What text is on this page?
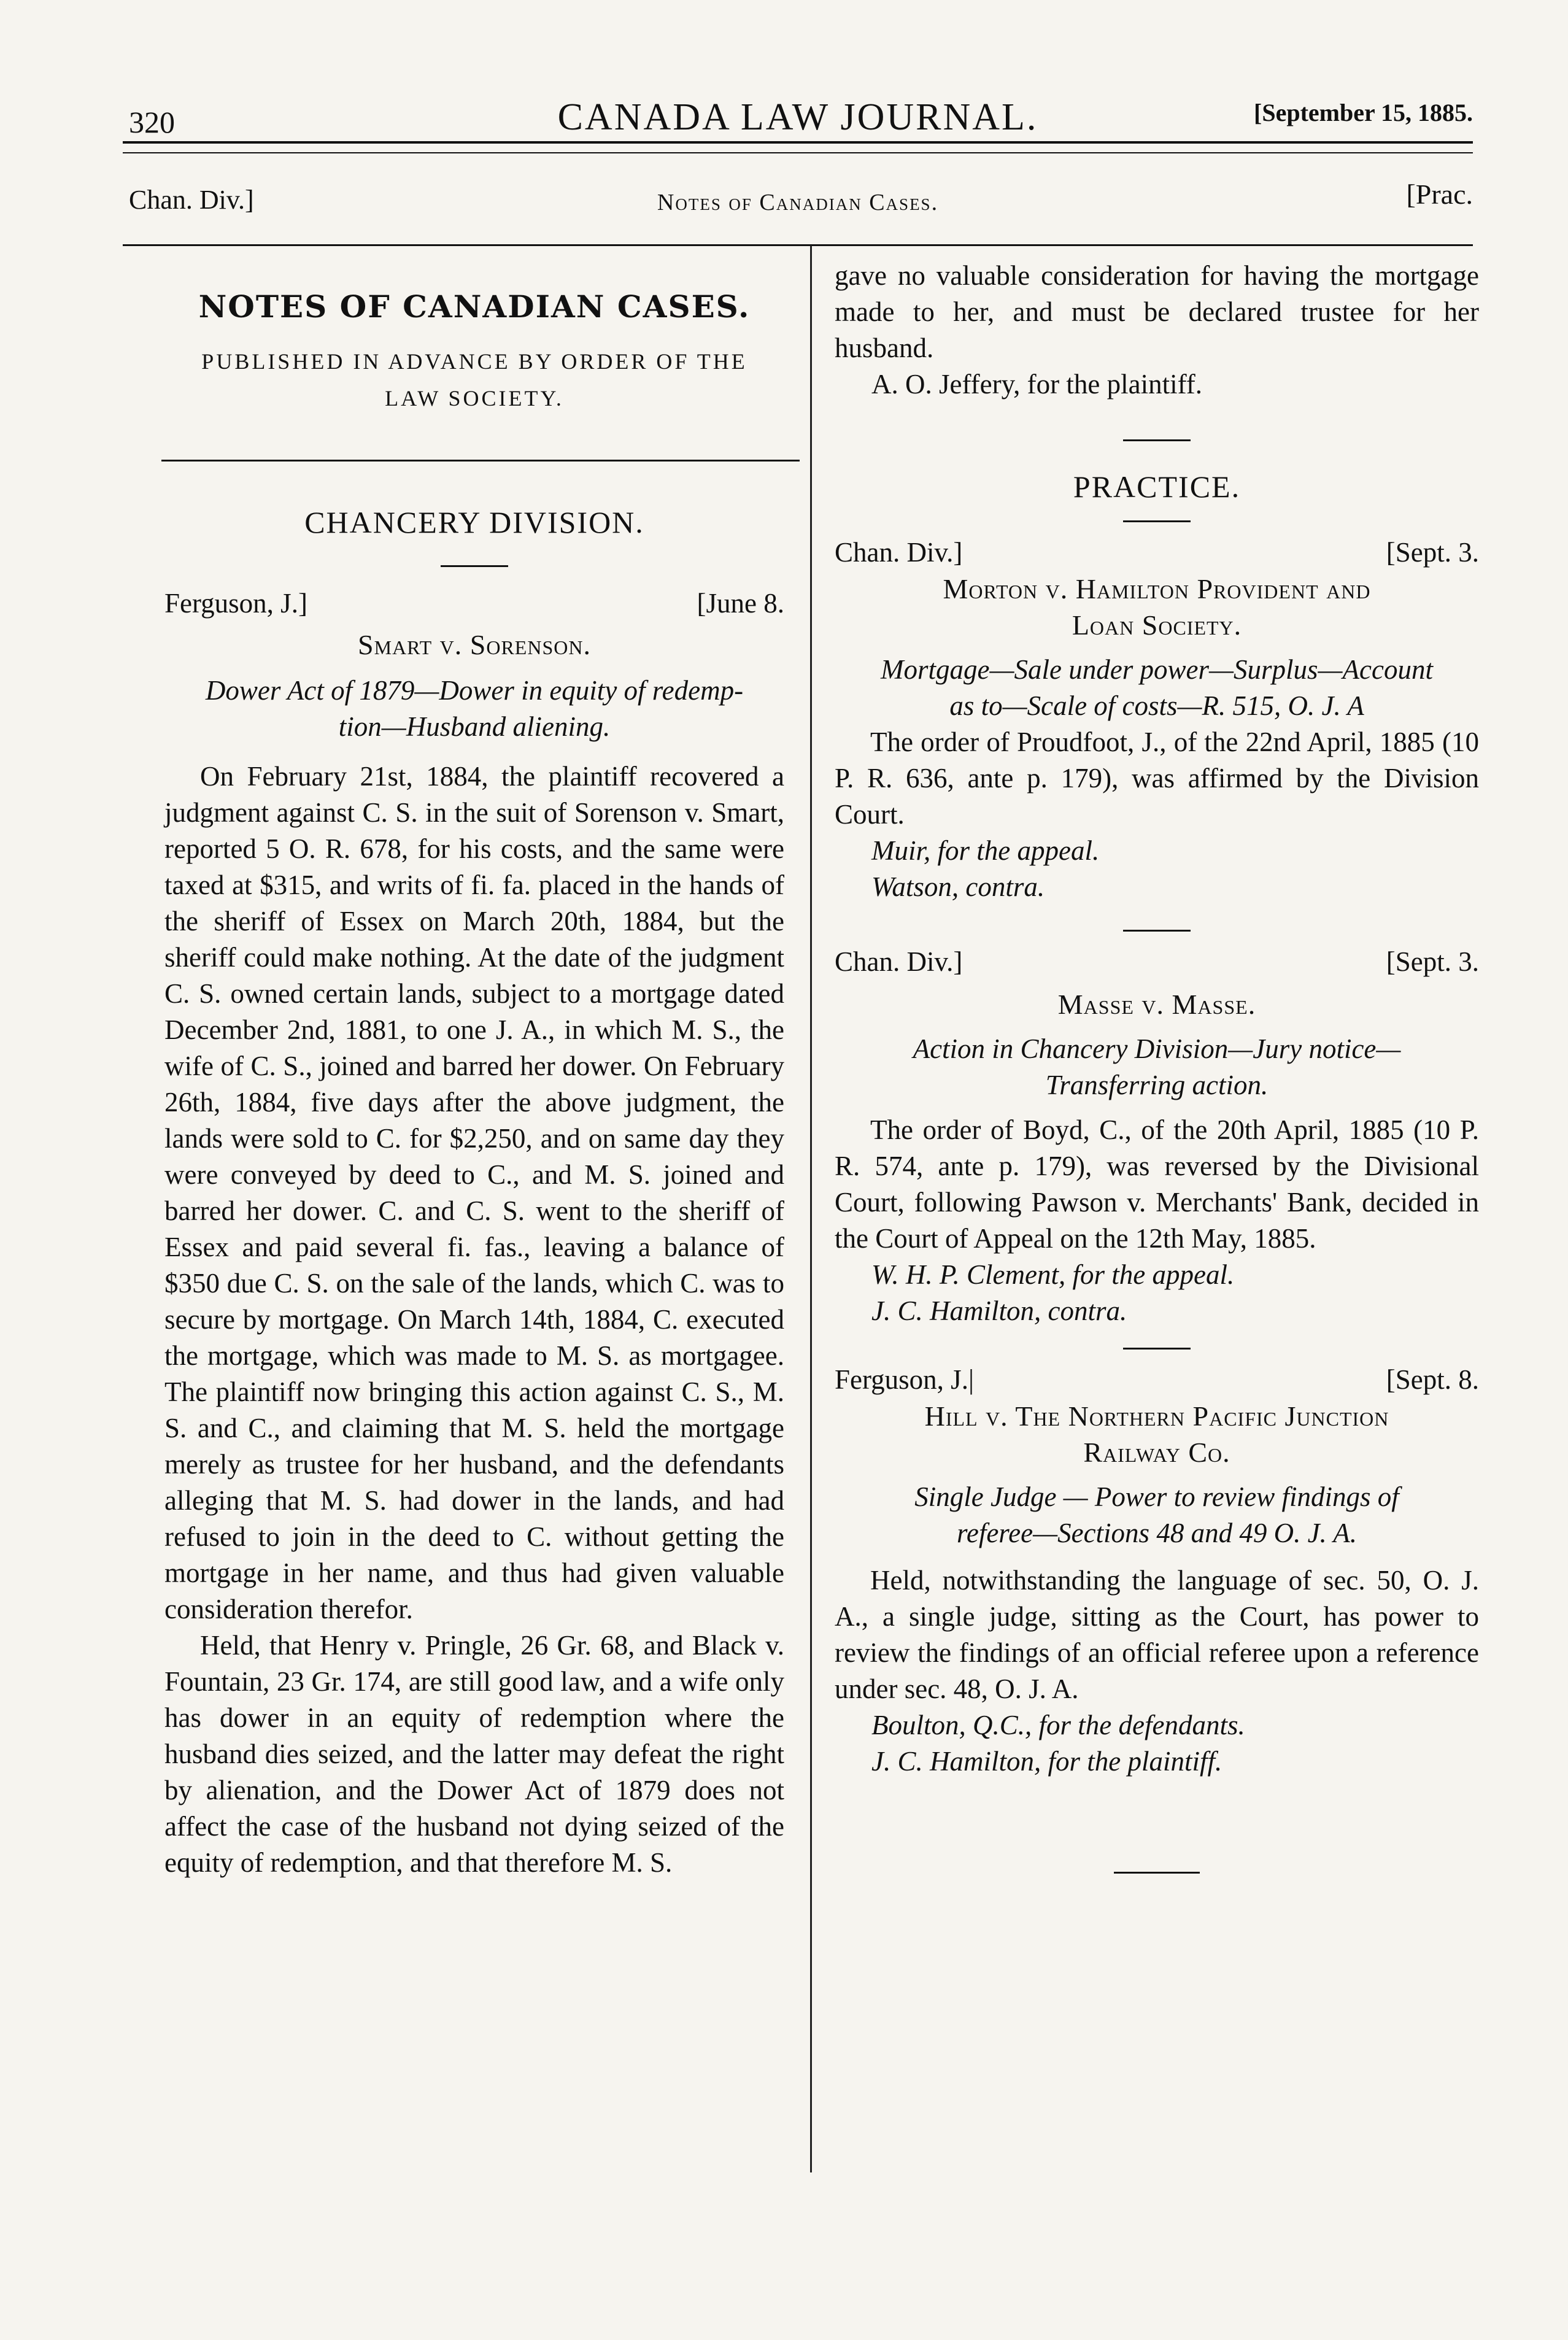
320	CANADA LAW JOURNAL.	[September 15, 1885.
Chan. Div.]	Notes of Canadian Cases.	[Prac.
NOTES OF CANADIAN CASES.
PUBLISHED IN ADVANCE BY ORDER OF THE
LAW SOCIETY.
CHANCERY DIVISION.
Ferguson, J.]	[June 8.
Smart v. Sorenson.
Dower Act of 1879—Dower in equity of redemp-
tion—Husband aliening.

On February 21st, 1884, the plaintiff recovered a judgment against C. S. in the suit of Sorenson v. Smart, reported 5 O. R. 678, for his costs, and the same were taxed at $315, and writs of fi. fa. placed in the hands of the sheriff of Essex on March 20th, 1884, but the sheriff could make nothing. At the date of the judgment C. S. owned certain lands, subject to a mortgage dated December 2nd, 1881, to one J. A., in which M. S., the wife of C. S., joined and barred her dower. On February 26th, 1884, five days after the above judgment, the lands were sold to C. for $2,250, and on same day they were conveyed by deed to C., and M. S. joined and barred her dower. C. and C. S. went to the sheriff of Essex and paid several fi. fas., leaving a balance of $350 due C. S. on the sale of the lands, which C. was to secure by mortgage. On March 14th, 1884, C. executed the mortgage, which was made to M. S. as mortgagee. The plaintiff now bringing this action against C. S., M. S. and C., and claiming that M. S. held the mortgage merely as trustee for her husband, and the defendants alleging that M. S. had dower in the lands, and had refused to join in the deed to C. without getting the mortgage in her name, and thus had given valuable consideration therefor.

Held, that Henry v. Pringle, 26 Gr. 68, and Black v. Fountain, 23 Gr. 174, are still good law, and a wife only has dower in an equity of redemption where the husband dies seized, and the latter may defeat the right by alienation, and the Dower Act of 1879 does not affect the case of the husband not dying seized of the equity of redemption, and that therefore M. S.

gave no valuable consideration for having the mortgage made to her, and must be declared trustee for her husband.
A. O. Jeffery, for the plaintiff.
PRACTICE.
Chan. Div.]	[Sept. 3.
Morton v. Hamilton Provident and
Loan Society.
Mortgage—Sale under power—Surplus—Account
as to—Scale of costs—R. 515, O. J. A

The order of Proudfoot, J., of the 22nd April, 1885 (10 P. R. 636, ante p. 179), was affirmed by the Division Court.

Muir, for the appeal.
Watson, contra.
Chan. Div.]	[Sept. 3.
Masse v. Masse.
Action in Chancery Division—Jury notice—
Transferring action.

The order of Boyd, C., of the 20th April, 1885 (10 P. R. 574, ante p. 179), was reversed by the Divisional Court, following Pawson v. Merchants' Bank, decided in the Court of Appeal on the 12th May, 1885.

W. H. P. Clement, for the appeal.
J. C. Hamilton, contra.
Ferguson, J.|	[Sept. 8.
Hill v. The Northern Pacific Junction
Railway Co.
Single Judge — Power to review findings of
referee—Sections 48 and 49 O. J. A.

Held, notwithstanding the language of sec. 50, O. J. A., a single judge, sitting as the Court, has power to review the findings of an official referee upon a reference under sec. 48, O. J. A.

Boulton, Q.C., for the defendants.
J. C. Hamilton, for the plaintiff.
